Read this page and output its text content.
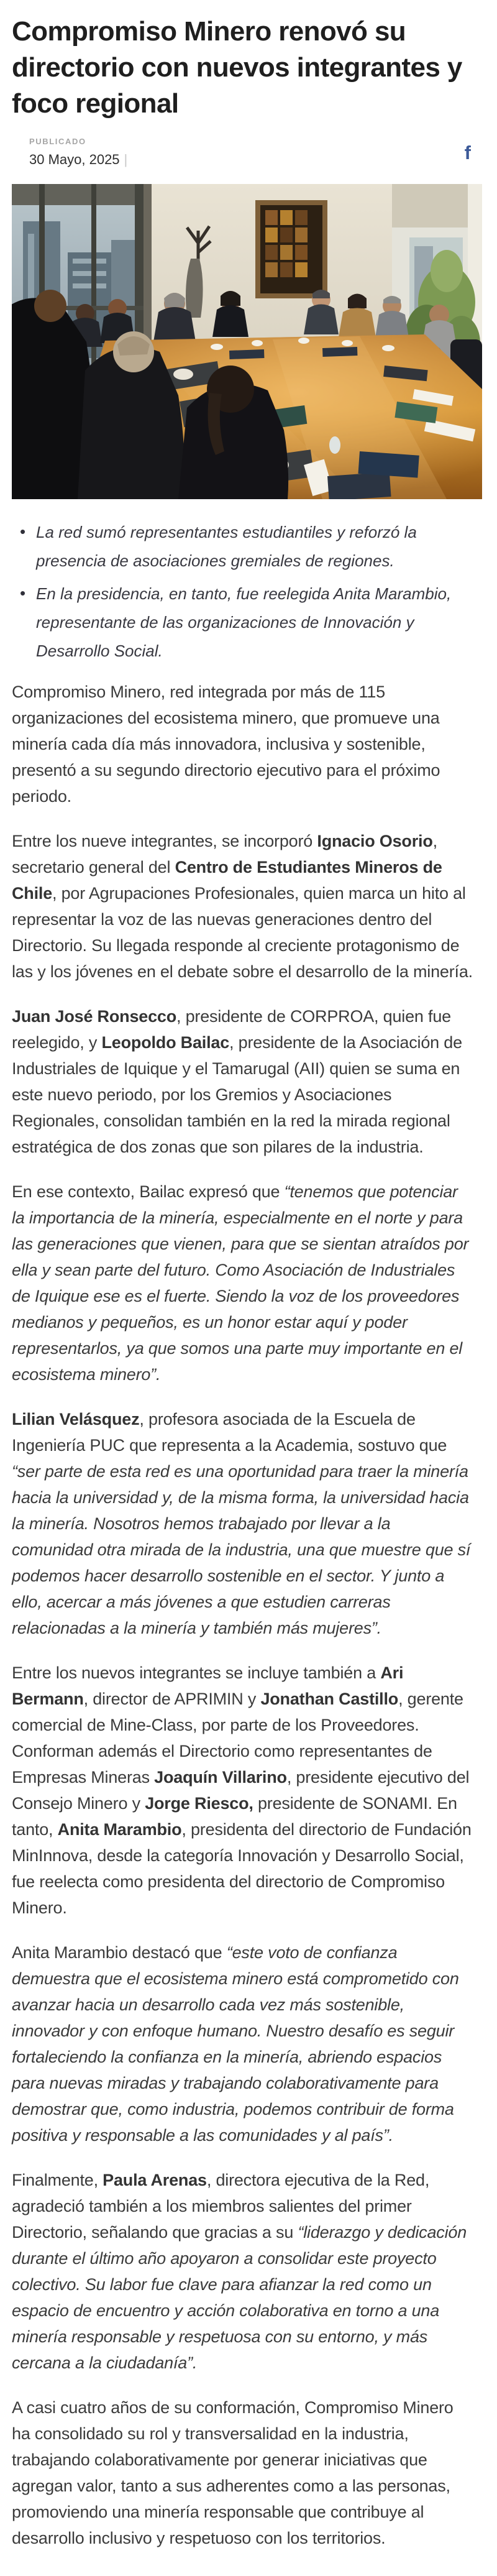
Compromiso Minero renovó su directorio con nuevos integrantes y foco regional
PUBLICADO
30 Mayo, 2025 |	f
• La red sumó representantes estudiantiles y reforzó la presencia de asociaciones gremiales de regiones.
• En la presidencia, en tanto, fue reelegida Anita Marambio, representante de las organizaciones de Innovación y Desarrollo Social.

Compromiso Minero, red integrada por más de 115 organizaciones del ecosistema minero, que promueve una minería cada día más innovadora, inclusiva y sostenible, presentó a su segundo directorio ejecutivo para el próximo periodo.

Entre los nueve integrantes, se incorporó Ignacio Osorio, secretario general del Centro de Estudiantes Mineros de Chile, por Agrupaciones Profesionales, quien marca un hito al representar la voz de las nuevas generaciones dentro del Directorio. Su llegada responde al creciente protagonismo de las y los jóvenes en el debate sobre el desarrollo de la minería.

Juan José Ronsecco, presidente de CORPROA, quien fue reelegido, y Leopoldo Bailac, presidente de la Asociación de Industriales de Iquique y el Tamarugal (AII) quien se suma en este nuevo periodo, por los Gremios y Asociaciones Regionales, consolidan también en la red la mirada regional estratégica de dos zonas que son pilares de la industria.

En ese contexto, Bailac expresó que “tenemos que potenciar la importancia de la minería, especialmente en el norte y para las generaciones que vienen, para que se sientan atraídos por ella y sean parte del futuro. Como Asociación de Industriales de Iquique ese es el fuerte. Siendo la voz de los proveedores medianos y pequeños, es un honor estar aquí y poder representarlos, ya que somos una parte muy importante en el ecosistema minero”.

Lilian Velásquez, profesora asociada de la Escuela de Ingeniería PUC que representa a la Academia, sostuvo que “ser parte de esta red es una oportunidad para traer la minería hacia la universidad y, de la misma forma, la universidad hacia la minería. Nosotros hemos trabajado por llevar a la comunidad otra mirada de la industria, una que muestre que sí podemos hacer desarrollo sostenible en el sector. Y junto a ello, acercar a más jóvenes a que estudien carreras relacionadas a la minería y también más mujeres”.

Entre los nuevos integrantes se incluye también a Ari Bermann, director de APRIMIN y Jonathan Castillo, gerente comercial de Mine-Class, por parte de los Proveedores. Conforman además el Directorio como representantes de Empresas Mineras Joaquín Villarino, presidente ejecutivo del Consejo Minero y Jorge Riesco, presidente de SONAMI. En tanto, Anita Marambio, presidenta del directorio de Fundación MinInnova, desde la categoría Innovación y Desarrollo Social, fue reelecta como presidenta del directorio de Compromiso Minero.

Anita Marambio destacó que “este voto de confianza demuestra que el ecosistema minero está comprometido con avanzar hacia un desarrollo cada vez más sostenible, innovador y con enfoque humano. Nuestro desafío es seguir fortaleciendo la confianza en la minería, abriendo espacios para nuevas miradas y trabajando colaborativamente para demostrar que, como industria, podemos contribuir de forma positiva y responsable a las comunidades y al país”.

Finalmente, Paula Arenas, directora ejecutiva de la Red, agradeció también a los miembros salientes del primer Directorio, señalando que gracias a su “liderazgo y dedicación durante el último año apoyaron a consolidar este proyecto colectivo. Su labor fue clave para afianzar la red como un espacio de encuentro y acción colaborativa en torno a una minería responsable y respetuosa con su entorno, y más cercana a la ciudadanía”.

A casi cuatro años de su conformación, Compromiso Minero ha consolidado su rol y transversalidad en la industria, trabajando colaborativamente por generar iniciativas que agregan valor, tanto a sus adherentes como a las personas, promoviendo una minería responsable que contribuye al desarrollo inclusivo y respetuoso con los territorios.
